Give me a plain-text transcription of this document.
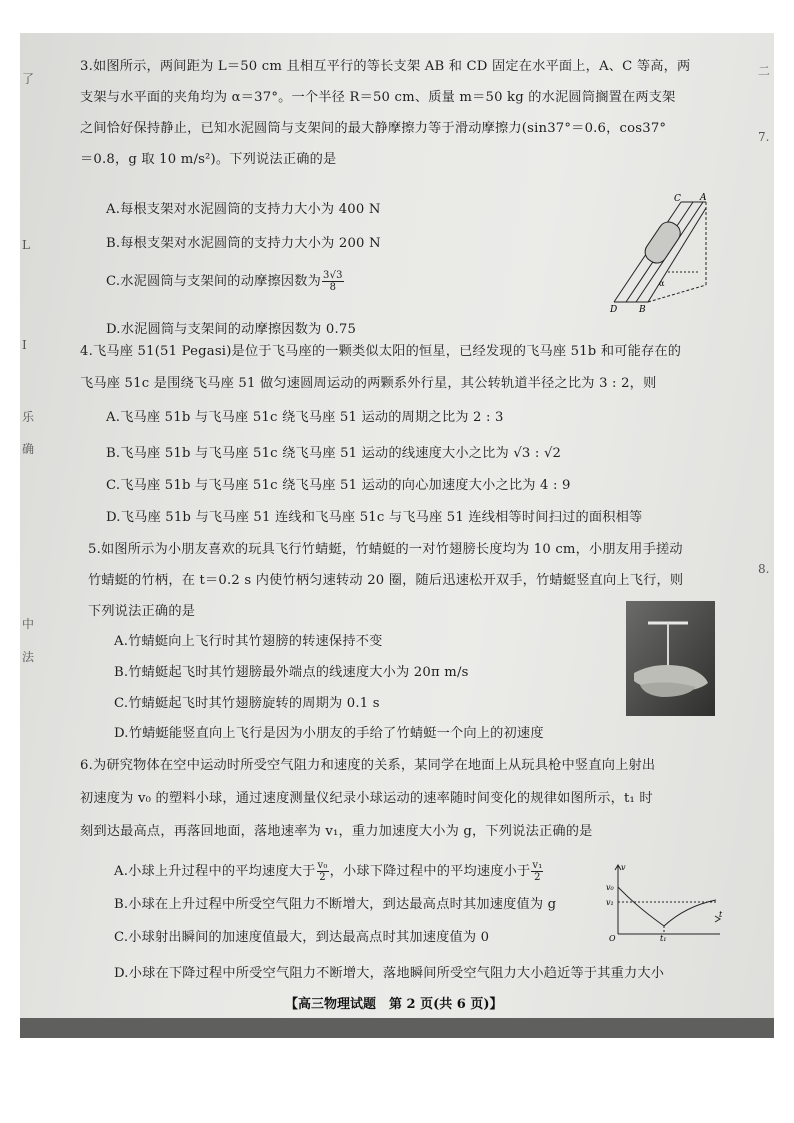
了
L
I
乐
确
中
法
二
7.
8.
3.如图所示，两间距为 L＝50 cm 且相互平行的等长支架 AB 和 CD 固定在水平面上，A、C 等高，两
支架与水平面的夹角均为 α＝37°。一个半径 R＝50 cm、质量 m＝50 kg 的水泥圆筒搁置在两支架
之间恰好保持静止，已知水泥圆筒与支架间的最大静摩擦力等于滑动摩擦力(sin37°＝0.6，cos37°
＝0.8，g 取 10 m/s²)。下列说法正确的是
A.每根支架对水泥圆筒的支持力大小为 400 N
B.每根支架对水泥圆筒的支持力大小为 200 N
C.水泥圆筒与支架间的动摩擦因数为 $\frac{3√3}{8}$
D.水泥圆筒与支架间的动摩擦因数为 0.75
C A
D B
α
4.飞马座 51(51 Pegasi)是位于飞马座的一颗类似太阳的恒星，已经发现的飞马座 51b 和可能存在的
飞马座 51c 是围绕飞马座 51 做匀速圆周运动的两颗系外行星，其公转轨道半径之比为 3 : 2，则
A.飞马座 51b 与飞马座 51c 绕飞马座 51 运动的周期之比为 2 : 3
B.飞马座 51b 与飞马座 51c 绕飞马座 51 运动的线速度大小之比为 √3 : √2
C.飞马座 51b 与飞马座 51c 绕飞马座 51 运动的向心加速度大小之比为 4 : 9
D.飞马座 51b 与飞马座 51 连线和飞马座 51c 与飞马座 51 连线相等时间扫过的面积相等
5.如图所示为小朋友喜欢的玩具飞行竹蜻蜓，竹蜻蜓的一对竹翅膀长度均为 10 cm，小朋友用手搓动
竹蜻蜓的竹柄，在 t＝0.2 s 内使竹柄匀速转动 20 圈，随后迅速松开双手，竹蜻蜓竖直向上飞行，则
下列说法正确的是
A.竹蜻蜓向上飞行时其竹翅膀的转速保持不变
B.竹蜻蜓起飞时其竹翅膀最外端点的线速度大小为 20π m/s
C.竹蜻蜓起飞时其竹翅膀旋转的周期为 0.1 s
D.竹蜻蜓能竖直向上飞行是因为小朋友的手给了竹蜻蜓一个向上的初速度
6.为研究物体在空中运动时所受空气阻力和速度的关系，某同学在地面上从玩具枪中竖直向上射出
初速度为 v₀ 的塑料小球，通过速度测量仪纪录小球运动的速率随时间变化的规律如图所示，t₁ 时
刻到达最高点，再落回地面，落地速率为 v₁，重力加速度大小为 g，下列说法正确的是
A.小球上升过程中的平均速度大于 $\frac{\text{v₀}}{2}$ ，小球下降过程中的平均速度小于 $\frac{\text{v₁}}{2}$
B.小球在上升过程中所受空气阻力不断增大，到达最高点时其加速度值为 g
C.小球射出瞬间的加速度值最大，到达最高点时其加速度值为 0
D.小球在下降过程中所受空气阻力不断增大，落地瞬间所受空气阻力大小趋近等于其重力大小
v
v₀
v₁
t
O	t₁
【高三物理试题　第 2 页(共 6 页)】
